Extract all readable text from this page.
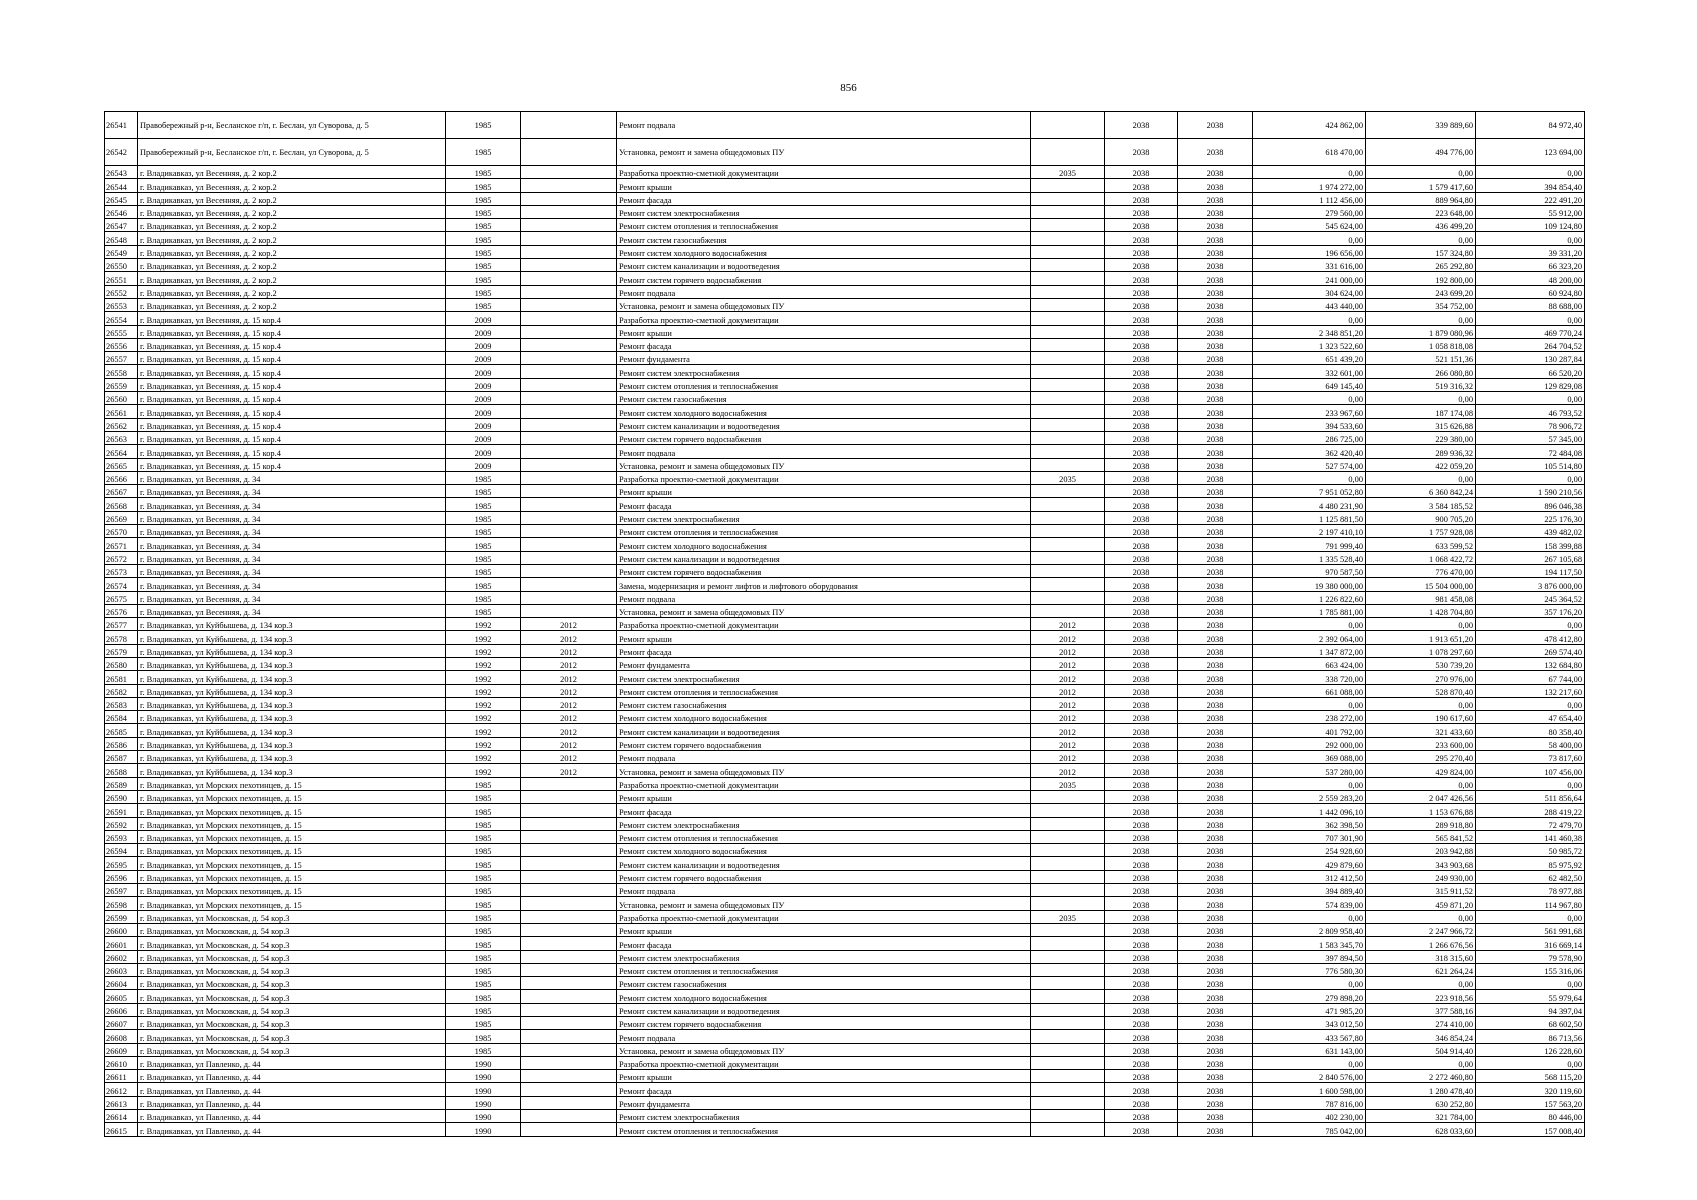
856
26541	Правобережный р-н, Бесланское г/п, г. Беслан, ул Суворова, д. 5	1985		Ремонт подвала		2038	2038	424 862,00	339 889,60	84 972,40
26542	Правобережный р-н, Бесланское г/п, г. Беслан, ул Суворова, д. 5	1985		Установка, ремонт и замена общедомовых ПУ		2038	2038	618 470,00	494 776,00	123 694,00
26543	г. Владикавказ, ул Весенняя, д. 2 кор.2	1985		Разработка проектно-сметной документации	2035	2038	2038	0,00	0,00	0,00
26544	г. Владикавказ, ул Весенняя, д. 2 кор.2	1985		Ремонт крыши		2038	2038	1 974 272,00	1 579 417,60	394 854,40
26545	г. Владикавказ, ул Весенняя, д. 2 кор.2	1985		Ремонт фасада		2038	2038	1 112 456,00	889 964,80	222 491,20
26546	г. Владикавказ, ул Весенняя, д. 2 кор.2	1985		Ремонт систем электроснабжения		2038	2038	279 560,00	223 648,00	55 912,00
26547	г. Владикавказ, ул Весенняя, д. 2 кор.2	1985		Ремонт систем отопления и теплоснабжения		2038	2038	545 624,00	436 499,20	109 124,80
26548	г. Владикавказ, ул Весенняя, д. 2 кор.2	1985		Ремонт систем газоснабжения		2038	2038	0,00	0,00	0,00
26549	г. Владикавказ, ул Весенняя, д. 2 кор.2	1985		Ремонт систем холодного водоснабжения		2038	2038	196 656,00	157 324,80	39 331,20
26550	г. Владикавказ, ул Весенняя, д. 2 кор.2	1985		Ремонт систем канализации и водоотведения		2038	2038	331 616,00	265 292,80	66 323,20
26551	г. Владикавказ, ул Весенняя, д. 2 кор.2	1985		Ремонт систем горячего водоснабжения		2038	2038	241 000,00	192 800,00	48 200,00
26552	г. Владикавказ, ул Весенняя, д. 2 кор.2	1985		Ремонт подвала		2038	2038	304 624,00	243 699,20	60 924,80
26553	г. Владикавказ, ул Весенняя, д. 2 кор.2	1985		Установка, ремонт и замена общедомовых ПУ		2038	2038	443 440,00	354 752,00	88 688,00
26554	г. Владикавказ, ул Весенняя, д. 15 кор.4	2009		Разработка проектно-сметной документации		2038	2038	0,00	0,00	0,00
26555	г. Владикавказ, ул Весенняя, д. 15 кор.4	2009		Ремонт крыши		2038	2038	2 348 851,20	1 879 080,96	469 770,24
26556	г. Владикавказ, ул Весенняя, д. 15 кор.4	2009		Ремонт фасада		2038	2038	1 323 522,60	1 058 818,08	264 704,52
26557	г. Владикавказ, ул Весенняя, д. 15 кор.4	2009		Ремонт фундамента		2038	2038	651 439,20	521 151,36	130 287,84
26558	г. Владикавказ, ул Весенняя, д. 15 кор.4	2009		Ремонт систем электроснабжения		2038	2038	332 601,00	266 080,80	66 520,20
26559	г. Владикавказ, ул Весенняя, д. 15 кор.4	2009		Ремонт систем отопления и теплоснабжения		2038	2038	649 145,40	519 316,32	129 829,08
26560	г. Владикавказ, ул Весенняя, д. 15 кор.4	2009		Ремонт систем газоснабжения		2038	2038	0,00	0,00	0,00
26561	г. Владикавказ, ул Весенняя, д. 15 кор.4	2009		Ремонт систем холодного водоснабжения		2038	2038	233 967,60	187 174,08	46 793,52
26562	г. Владикавказ, ул Весенняя, д. 15 кор.4	2009		Ремонт систем канализации и водоотведения		2038	2038	394 533,60	315 626,88	78 906,72
26563	г. Владикавказ, ул Весенняя, д. 15 кор.4	2009		Ремонт систем горячего водоснабжения		2038	2038	286 725,00	229 380,00	57 345,00
26564	г. Владикавказ, ул Весенняя, д. 15 кор.4	2009		Ремонт подвала		2038	2038	362 420,40	289 936,32	72 484,08
26565	г. Владикавказ, ул Весенняя, д. 15 кор.4	2009		Установка, ремонт и замена общедомовых ПУ		2038	2038	527 574,00	422 059,20	105 514,80
26566	г. Владикавказ, ул Весенняя, д. 34	1985		Разработка проектно-сметной документации	2035	2038	2038	0,00	0,00	0,00
26567	г. Владикавказ, ул Весенняя, д. 34	1985		Ремонт крыши		2038	2038	7 951 052,80	6 360 842,24	1 590 210,56
26568	г. Владикавказ, ул Весенняя, д. 34	1985		Ремонт фасада		2038	2038	4 480 231,90	3 584 185,52	896 046,38
26569	г. Владикавказ, ул Весенняя, д. 34	1985		Ремонт систем электроснабжения		2038	2038	1 125 881,50	900 705,20	225 176,30
26570	г. Владикавказ, ул Весенняя, д. 34	1985		Ремонт систем отопления и теплоснабжения		2038	2038	2 197 410,10	1 757 928,08	439 482,02
26571	г. Владикавказ, ул Весенняя, д. 34	1985		Ремонт систем холодного водоснабжения		2038	2038	791 999,40	633 599,52	158 399,88
26572	г. Владикавказ, ул Весенняя, д. 34	1985		Ремонт систем канализации и водоотведения		2038	2038	1 335 528,40	1 068 422,72	267 105,68
26573	г. Владикавказ, ул Весенняя, д. 34	1985		Ремонт систем горячего водоснабжения		2038	2038	970 587,50	776 470,00	194 117,50
26574	г. Владикавказ, ул Весенняя, д. 34	1985		Замена, модернизация и ремонт лифтов и лифтового оборудования		2038	2038	19 380 000,00	15 504 000,00	3 876 000,00
26575	г. Владикавказ, ул Весенняя, д. 34	1985		Ремонт подвала		2038	2038	1 226 822,60	981 458,08	245 364,52
26576	г. Владикавказ, ул Весенняя, д. 34	1985		Установка, ремонт и замена общедомовых ПУ		2038	2038	1 785 881,00	1 428 704,80	357 176,20
26577	г. Владикавказ, ул Куйбышева, д. 134 кор.3	1992	2012	Разработка проектно-сметной документации	2012	2038	2038	0,00	0,00	0,00
26578	г. Владикавказ, ул Куйбышева, д. 134 кор.3	1992	2012	Ремонт крыши	2012	2038	2038	2 392 064,00	1 913 651,20	478 412,80
26579	г. Владикавказ, ул Куйбышева, д. 134 кор.3	1992	2012	Ремонт фасада	2012	2038	2038	1 347 872,00	1 078 297,60	269 574,40
26580	г. Владикавказ, ул Куйбышева, д. 134 кор.3	1992	2012	Ремонт фундамента	2012	2038	2038	663 424,00	530 739,20	132 684,80
26581	г. Владикавказ, ул Куйбышева, д. 134 кор.3	1992	2012	Ремонт систем электроснабжения	2012	2038	2038	338 720,00	270 976,00	67 744,00
26582	г. Владикавказ, ул Куйбышева, д. 134 кор.3	1992	2012	Ремонт систем отопления и теплоснабжения	2012	2038	2038	661 088,00	528 870,40	132 217,60
26583	г. Владикавказ, ул Куйбышева, д. 134 кор.3	1992	2012	Ремонт систем газоснабжения	2012	2038	2038	0,00	0,00	0,00
26584	г. Владикавказ, ул Куйбышева, д. 134 кор.3	1992	2012	Ремонт систем холодного водоснабжения	2012	2038	2038	238 272,00	190 617,60	47 654,40
26585	г. Владикавказ, ул Куйбышева, д. 134 кор.3	1992	2012	Ремонт систем канализации и водоотведения	2012	2038	2038	401 792,00	321 433,60	80 358,40
26586	г. Владикавказ, ул Куйбышева, д. 134 кор.3	1992	2012	Ремонт систем горячего водоснабжения	2012	2038	2038	292 000,00	233 600,00	58 400,00
26587	г. Владикавказ, ул Куйбышева, д. 134 кор.3	1992	2012	Ремонт подвала	2012	2038	2038	369 088,00	295 270,40	73 817,60
26588	г. Владикавказ, ул Куйбышева, д. 134 кор.3	1992	2012	Установка, ремонт и замена общедомовых ПУ	2012	2038	2038	537 280,00	429 824,00	107 456,00
26589	г. Владикавказ, ул Морских пехотинцев, д. 15	1985		Разработка проектно-сметной документации	2035	2038	2038	0,00	0,00	0,00
26590	г. Владикавказ, ул Морских пехотинцев, д. 15	1985		Ремонт крыши		2038	2038	2 559 283,20	2 047 426,56	511 856,64
26591	г. Владикавказ, ул Морских пехотинцев, д. 15	1985		Ремонт фасада		2038	2038	1 442 096,10	1 153 676,88	288 419,22
26592	г. Владикавказ, ул Морских пехотинцев, д. 15	1985		Ремонт систем электроснабжения		2038	2038	362 398,50	289 918,80	72 479,70
26593	г. Владикавказ, ул Морских пехотинцев, д. 15	1985		Ремонт систем отопления и теплоснабжения		2038	2038	707 301,90	565 841,52	141 460,38
26594	г. Владикавказ, ул Морских пехотинцев, д. 15	1985		Ремонт систем холодного водоснабжения		2038	2038	254 928,60	203 942,88	50 985,72
26595	г. Владикавказ, ул Морских пехотинцев, д. 15	1985		Ремонт систем канализации и водоотведения		2038	2038	429 879,60	343 903,68	85 975,92
26596	г. Владикавказ, ул Морских пехотинцев, д. 15	1985		Ремонт систем горячего водоснабжения		2038	2038	312 412,50	249 930,00	62 482,50
26597	г. Владикавказ, ул Морских пехотинцев, д. 15	1985		Ремонт подвала		2038	2038	394 889,40	315 911,52	78 977,88
26598	г. Владикавказ, ул Морских пехотинцев, д. 15	1985		Установка, ремонт и замена общедомовых ПУ		2038	2038	574 839,00	459 871,20	114 967,80
26599	г. Владикавказ, ул Московская, д. 54 кор.3	1985		Разработка проектно-сметной документации	2035	2038	2038	0,00	0,00	0,00
26600	г. Владикавказ, ул Московская, д. 54 кор.3	1985		Ремонт крыши		2038	2038	2 809 958,40	2 247 966,72	561 991,68
26601	г. Владикавказ, ул Московская, д. 54 кор.3	1985		Ремонт фасада		2038	2038	1 583 345,70	1 266 676,56	316 669,14
26602	г. Владикавказ, ул Московская, д. 54 кор.3	1985		Ремонт систем электроснабжения		2038	2038	397 894,50	318 315,60	79 578,90
26603	г. Владикавказ, ул Московская, д. 54 кор.3	1985		Ремонт систем отопления и теплоснабжения		2038	2038	776 580,30	621 264,24	155 316,06
26604	г. Владикавказ, ул Московская, д. 54 кор.3	1985		Ремонт систем газоснабжения		2038	2038	0,00	0,00	0,00
26605	г. Владикавказ, ул Московская, д. 54 кор.3	1985		Ремонт систем холодного водоснабжения		2038	2038	279 898,20	223 918,56	55 979,64
26606	г. Владикавказ, ул Московская, д. 54 кор.3	1985		Ремонт систем канализации и водоотведения		2038	2038	471 985,20	377 588,16	94 397,04
26607	г. Владикавказ, ул Московская, д. 54 кор.3	1985		Ремонт систем горячего водоснабжения		2038	2038	343 012,50	274 410,00	68 602,50
26608	г. Владикавказ, ул Московская, д. 54 кор.3	1985		Ремонт подвала		2038	2038	433 567,80	346 854,24	86 713,56
26609	г. Владикавказ, ул Московская, д. 54 кор.3	1985		Установка, ремонт и замена общедомовых ПУ		2038	2038	631 143,00	504 914,40	126 228,60
26610	г. Владикавказ, ул Павленко, д. 44	1990		Разработка проектно-сметной документации		2038	2038	0,00	0,00	0,00
26611	г. Владикавказ, ул Павленко, д. 44	1990		Ремонт крыши		2038	2038	2 840 576,00	2 272 460,80	568 115,20
26612	г. Владикавказ, ул Павленко, д. 44	1990		Ремонт фасада		2038	2038	1 600 598,00	1 280 478,40	320 119,60
26613	г. Владикавказ, ул Павленко, д. 44	1990		Ремонт фундамента		2038	2038	787 816,00	630 252,80	157 563,20
26614	г. Владикавказ, ул Павленко, д. 44	1990		Ремонт систем электроснабжения		2038	2038	402 230,00	321 784,00	80 446,00
26615	г. Владикавказ, ул Павленко, д. 44	1990		Ремонт систем отопления и теплоснабжения		2038	2038	785 042,00	628 033,60	157 008,40
